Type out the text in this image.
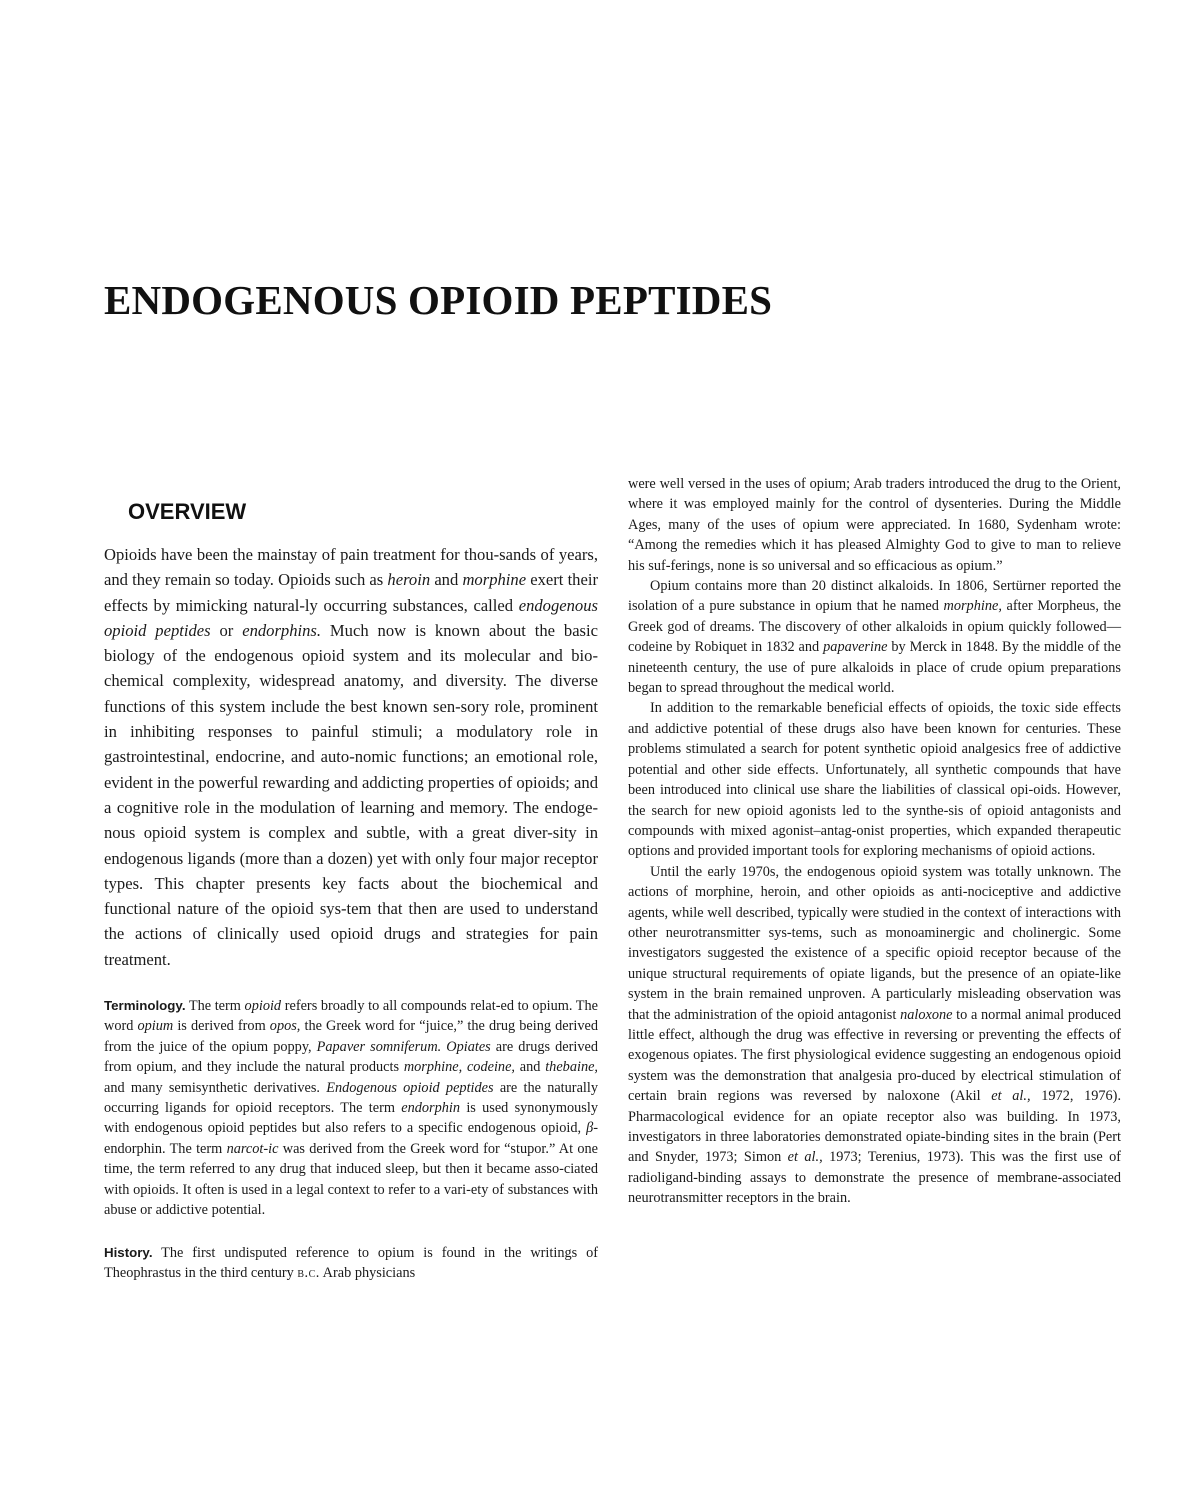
ENDOGENOUS OPIOID PEPTIDES
OVERVIEW

Opioids have been the mainstay of pain treatment for thou-sands of years, and they remain so today. Opioids such as heroin and morphine exert their effects by mimicking natural-ly occurring substances, called endogenous opioid peptides or endorphins. Much now is known about the basic biology of the endogenous opioid system and its molecular and bio-chemical complexity, widespread anatomy, and diversity. The diverse functions of this system include the best known sen-sory role, prominent in inhibiting responses to painful stimuli; a modulatory role in gastrointestinal, endocrine, and auto-nomic functions; an emotional role, evident in the powerful rewarding and addicting properties of opioids; and a cognitive role in the modulation of learning and memory. The endoge-nous opioid system is complex and subtle, with a great diver-sity in endogenous ligands (more than a dozen) yet with only four major receptor types. This chapter presents key facts about the biochemical and functional nature of the opioid sys-tem that then are used to understand the actions of clinically used opioid drugs and strategies for pain treatment.

Terminology. The term opioid refers broadly to all compounds relat-ed to opium. The word opium is derived from opos, the Greek word for “juice,” the drug being derived from the juice of the opium poppy, Papaver somniferum. Opiates are drugs derived from opium, and they include the natural products morphine, codeine, and thebaine, and many semisynthetic derivatives. Endogenous opioid peptides are the naturally occurring ligands for opioid receptors. The term endorphin is used synonymously with endogenous opioid peptides but also refers to a specific endogenous opioid, β-endorphin. The term narcot-ic was derived from the Greek word for “stupor.” At one time, the term referred to any drug that induced sleep, but then it became asso-ciated with opioids. It often is used in a legal context to refer to a vari-ety of substances with abuse or addictive potential.

History. The first undisputed reference to opium is found in the writings of Theophrastus in the third century b.c. Arab physicians

were well versed in the uses of opium; Arab traders introduced the drug to the Orient, where it was employed mainly for the control of dysenteries. During the Middle Ages, many of the uses of opium were appreciated. In 1680, Sydenham wrote: “Among the remedies which it has pleased Almighty God to give to man to relieve his suf-ferings, none is so universal and so efficacious as opium.”

Opium contains more than 20 distinct alkaloids. In 1806, Sertürner reported the isolation of a pure substance in opium that he named morphine, after Morpheus, the Greek god of dreams. The discovery of other alkaloids in opium quickly followed—codeine by Robiquet in 1832 and papaverine by Merck in 1848. By the middle of the nineteenth century, the use of pure alkaloids in place of crude opium preparations began to spread throughout the medical world.

In addition to the remarkable beneficial effects of opioids, the toxic side effects and addictive potential of these drugs also have been known for centuries. These problems stimulated a search for potent synthetic opioid analgesics free of addictive potential and other side effects. Unfortunately, all synthetic compounds that have been introduced into clinical use share the liabilities of classical opi-oids. However, the search for new opioid agonists led to the synthe-sis of opioid antagonists and compounds with mixed agonist–antag-onist properties, which expanded therapeutic options and provided important tools for exploring mechanisms of opioid actions.

Until the early 1970s, the endogenous opioid system was totally unknown. The actions of morphine, heroin, and other opioids as anti-nociceptive and addictive agents, while well described, typically were studied in the context of interactions with other neurotransmitter sys-tems, such as monoaminergic and cholinergic. Some investigators suggested the existence of a specific opioid receptor because of the unique structural requirements of opiate ligands, but the presence of an opiate-like system in the brain remained unproven. A particularly misleading observation was that the administration of the opioid antagonist naloxone to a normal animal produced little effect, although the drug was effective in reversing or preventing the effects of exogenous opiates. The first physiological evidence suggesting an endogenous opioid system was the demonstration that analgesia pro-duced by electrical stimulation of certain brain regions was reversed by naloxone (Akil et al., 1972, 1976). Pharmacological evidence for an opiate receptor also was building. In 1973, investigators in three laboratories demonstrated opiate-binding sites in the brain (Pert and Snyder, 1973; Simon et al., 1973; Terenius, 1973). This was the first use of radioligand-binding assays to demonstrate the presence of membrane-associated neurotransmitter receptors in the brain.
